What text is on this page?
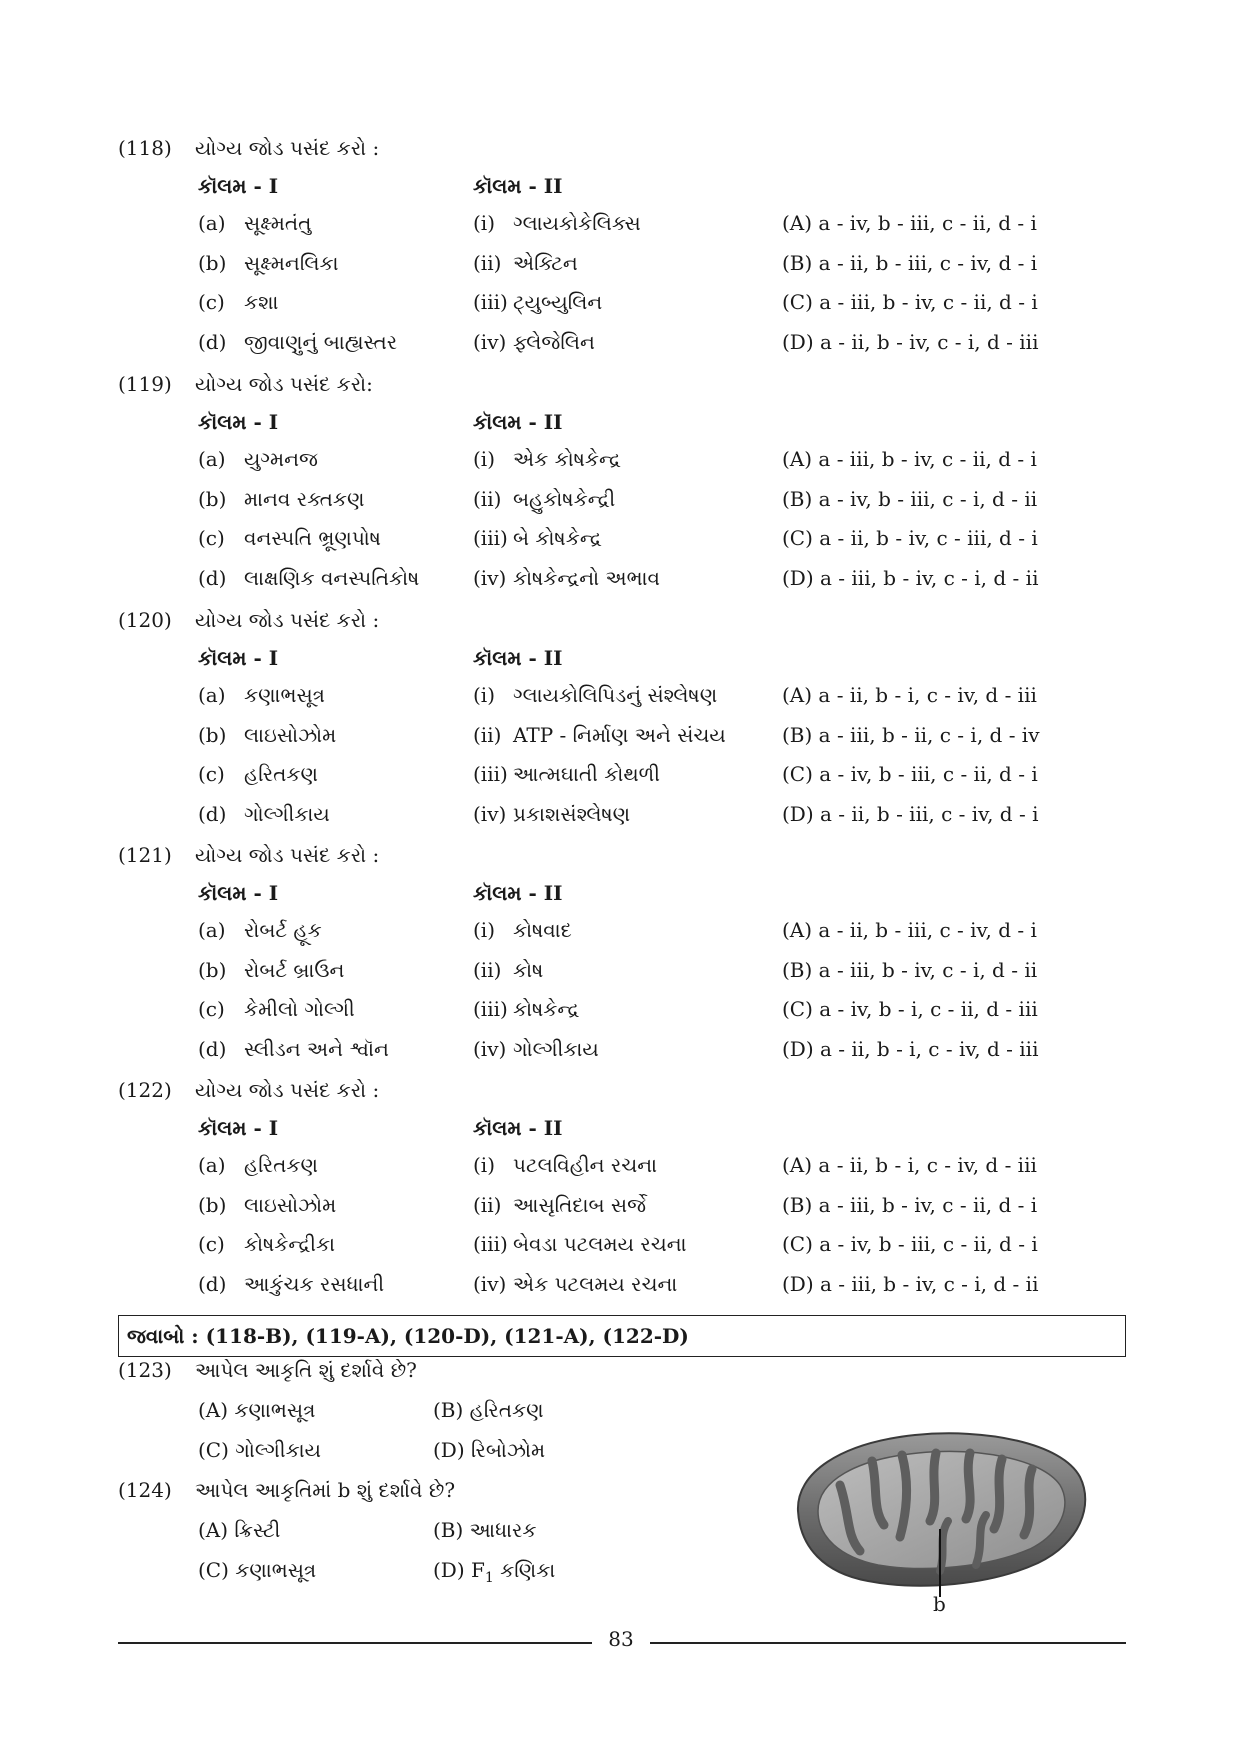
(118) યોગ્ય જોડ પસંદ કરો :
કૉલમ - I	કૉલમ - II
(a) સૂક્ષ્મતંતુ	(i) ગ્લાયકોકેલિક્સ	(A) a - iv, b - iii, c - ii, d - i
(b) સૂક્ષ્મનલિકા	(ii) એક્ટિન	(B) a - ii, b - iii, c - iv, d - i
(c) કશા	(iii) ટ્યુબ્યુલિન	(C) a - iii, b - iv, c - ii, d - i
(d) જીવાણુનું બાહ્યસ્તર	(iv) ફ્લેજેલિન	(D) a - ii, b - iv, c - i, d - iii
(119) યોગ્ય જોડ પસંદ કરો:
કૉલમ - I	કૉલમ - II
(a) યુગ્મનજ	(i) એક કોષકેન્દ્ર	(A) a - iii, b - iv, c - ii, d - i
(b) માનવ રક્તકણ	(ii) બહુકોષકેન્દ્રી	(B) a - iv, b - iii, c - i, d - ii
(c) વનસ્પતિ ભ્રૂણપોષ	(iii) બે કોષકેન્દ્ર	(C) a - ii, b - iv, c - iii, d - i
(d) લાક્ષણિક વનસ્પતિકોષ	(iv) કોષકેન્દ્રનો અભાવ	(D) a - iii, b - iv, c - i, d - ii
(120) યોગ્ય જોડ પસંદ કરો :
કૉલમ - I	કૉલમ - II
(a) કણાભસૂત્ર	(i) ગ્લાયકોલિપિડનું સંશ્લેષણ	(A) a - ii, b - i, c - iv, d - iii
(b) લાઇસોઝોમ	(ii) ATP - નિર્માણ અને સંચય	(B) a - iii, b - ii, c - i, d - iv
(c) હરિતકણ	(iii) આત્મઘાતી કોથળી	(C) a - iv, b - iii, c - ii, d - i
(d) ગોલ્ગીકાય	(iv) પ્રકાશસંશ્લેષણ	(D) a - ii, b - iii, c - iv, d - i
(121) યોગ્ય જોડ પસંદ કરો :
કૉલમ - I	કૉલમ - II
(a) રોબર્ટ હૂક	(i) કોષવાદ	(A) a - ii, b - iii, c - iv, d - i
(b) રોબર્ટ બ્રાઉન	(ii) કોષ	(B) a - iii, b - iv, c - i, d - ii
(c) કેમીલો ગોલ્ગી	(iii) કોષકેન્દ્ર	(C) a - iv, b - i, c - ii, d - iii
(d) સ્લીડન અને શ્વૉન	(iv) ગોલ્ગીકાય	(D) a - ii, b - i, c - iv, d - iii
(122) યોગ્ય જોડ પસંદ કરો :
કૉલમ - I	કૉલમ - II
(a) હરિતકણ	(i) પટલવિહીન રચના	(A) a - ii, b - i, c - iv, d - iii
(b) લાઇસોઝોમ	(ii) આસૃતિદાબ સર્જે	(B) a - iii, b - iv, c - ii, d - i
(c) કોષકેન્દ્રીકા	(iii) બેવડા પટલમય રચના	(C) a - iv, b - iii, c - ii, d - i
(d) આકુંચક રસધાની	(iv) એક પટલમય રચના	(D) a - iii, b - iv, c - i, d - ii
જવાબો : (118-B), (119-A), (120-D), (121-A), (122-D)
(123) આપેલ આકૃતિ શું દર્શાવે છે?
(A) કણાભસૂત્ર	(B) હરિતકણ
(C) ગોલ્ગીકાય	(D) રિબોઝોમ
(124) આપેલ આકૃતિમાં b શું દર્શાવે છે?
(A) ક્રિસ્ટી	(B) આધારક
(C) કણાભસૂત્ર	(D) $F_1$ કણિકા
b
83
